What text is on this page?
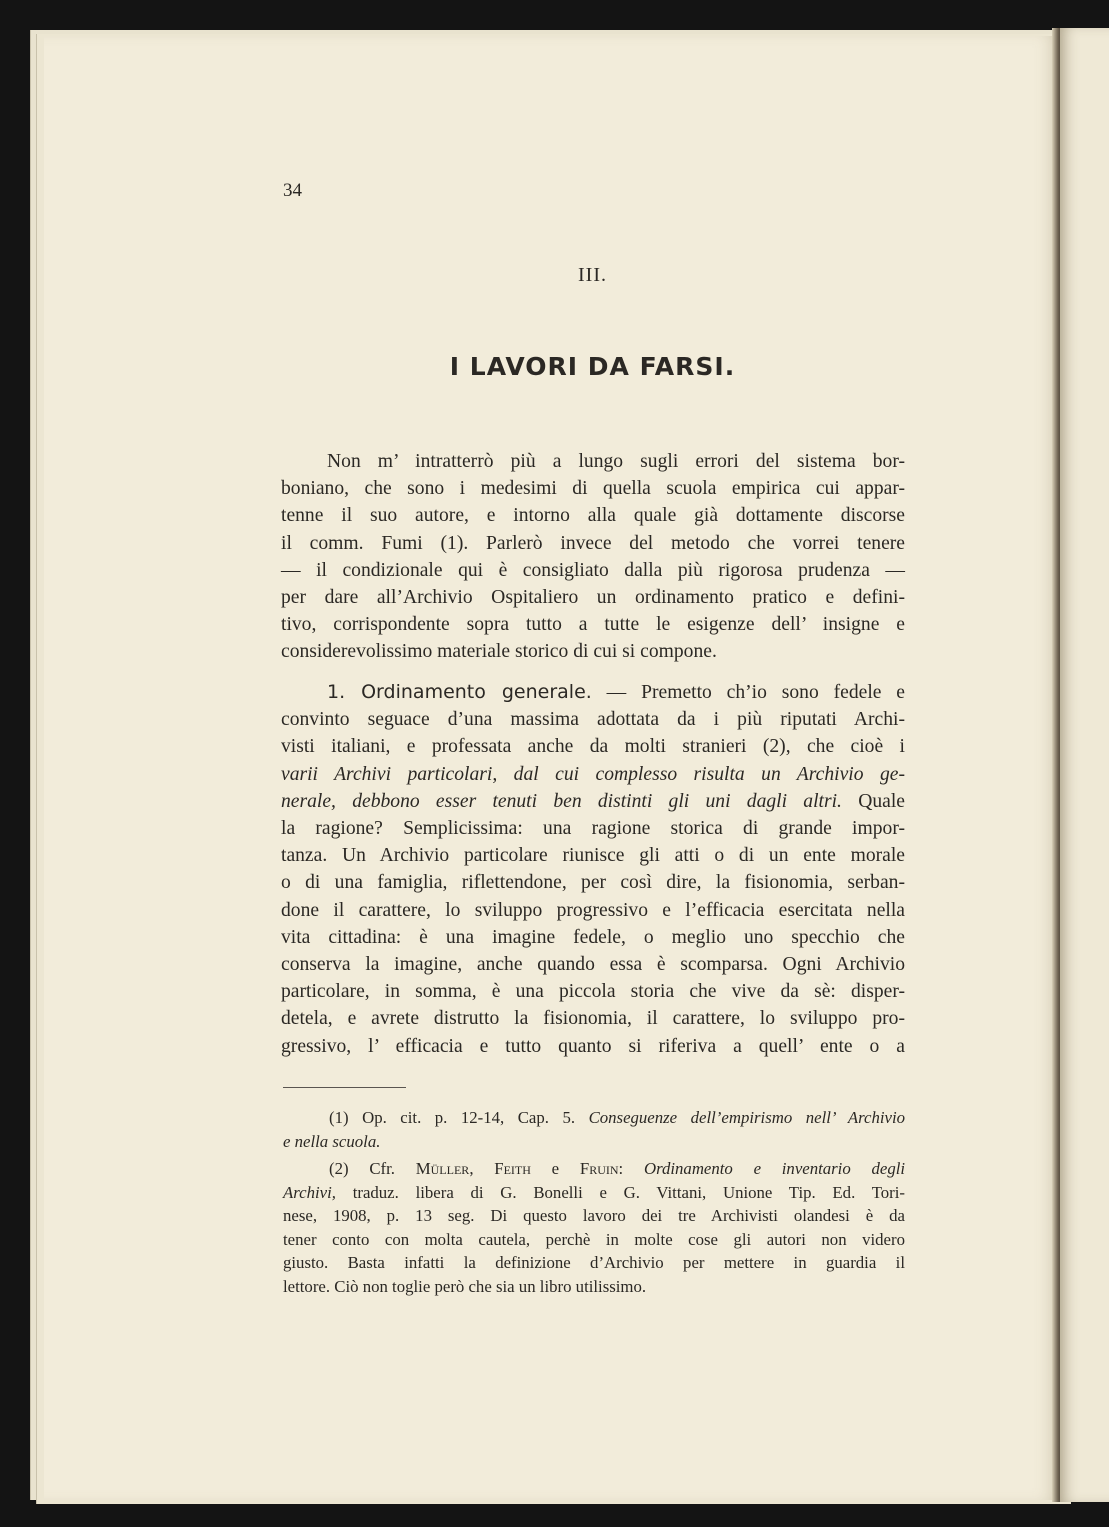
34
III.
I LAVORI DA FARSI.
Non m’ intratterrò più a lungo sugli errori del sistema bor-
boniano, che sono i medesimi di quella scuola empirica cui appar-
tenne il suo autore, e intorno alla quale già dottamente discorse
il comm. Fumi (1). Parlerò invece del metodo che vorrei tenere
— il condizionale qui è consigliato dalla più rigorosa prudenza —
per dare all’Archivio Ospitaliero un ordinamento pratico e defini-
tivo, corrispondente sopra tutto a tutte le esigenze dell’ insigne e
considerevolissimo materiale storico di cui si compone.
1. Ordinamento generale. — Premetto ch’io sono fedele e
convinto seguace d’una massima adottata da i più riputati Archi-
visti italiani, e professata anche da molti stranieri (2), che cioè i
varii Archivi particolari, dal cui complesso risulta un Archivio ge-
nerale, debbono esser tenuti ben distinti gli uni dagli altri. Quale
la ragione? Semplicissima: una ragione storica di grande impor-
tanza. Un Archivio particolare riunisce gli atti o di un ente morale
o di una famiglia, riflettendone, per così dire, la fisionomia, serban-
done il carattere, lo sviluppo progressivo e l’efficacia esercitata nella
vita cittadina: è una imagine fedele, o meglio uno specchio che
conserva la imagine, anche quando essa è scomparsa. Ogni Archivio
particolare, in somma, è una piccola storia che vive da sè: disper-
detela, e avrete distrutto la fisionomia, il carattere, lo sviluppo pro-
gressivo, l’ efficacia e tutto quanto si riferiva a quell’ ente o a
(1) Op. cit. p. 12-14, Cap. 5. Conseguenze dell’empirismo nell’ Archivio
e nella scuola.
(2) Cfr. Müller, Feith e Fruin: Ordinamento e inventario degli
Archivi, traduz. libera di G. Bonelli e G. Vittani, Unione Tip. Ed. Tori-
nese, 1908, p. 13 seg. Di questo lavoro dei tre Archivisti olandesi è da
tener conto con molta cautela, perchè in molte cose gli autori non videro
giusto. Basta infatti la definizione d’Archivio per mettere in guardia il
lettore. Ciò non toglie però che sia un libro utilissimo.
